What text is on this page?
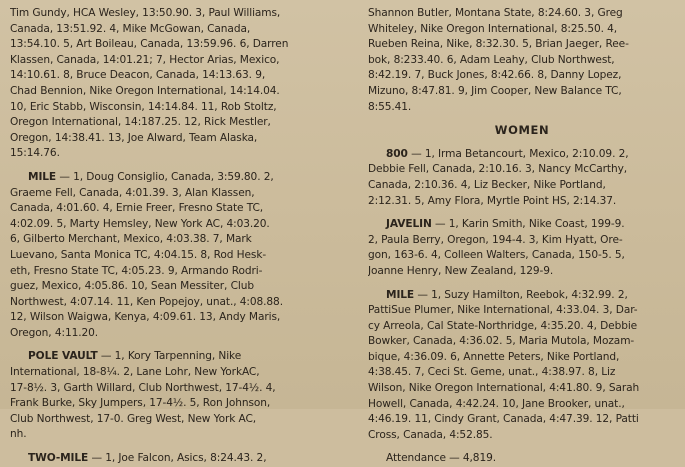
Tim Gundy, HCA Wesley, 13:50.90. 3, Paul Williams,
Canada, 13:51.92. 4, Mike McGowan, Canada,
13:54.10. 5, Art Boileau, Canada, 13:59.96. 6, Darren
Klassen, Canada, 14:01.21; 7, Hector Arias, Mexico,
14:10.61. 8, Bruce Deacon, Canada, 14:13.63. 9,
Chad Bennion, Nike Oregon International, 14:14.04.
10, Eric Stabb, Wisconsin, 14:14.84. 11, Rob Stoltz,
Oregon International, 14:187.25. 12, Rick Mestler,
Oregon, 14:38.41. 13, Joe Alward, Team Alaska,
15:14.76.
MILE — 1, Doug Consiglio, Canada, 3:59.80. 2,
Graeme Fell, Canada, 4:01.39. 3, Alan Klassen,
Canada, 4:01.60. 4, Ernie Freer, Fresno State TC,
4:02.09. 5, Marty Hemsley, New York AC, 4:03.20.
6, Gilberto Merchant, Mexico, 4:03.38. 7, Mark
Luevano, Santa Monica TC, 4:04.15. 8, Rod Hesk-
eth, Fresno State TC, 4:05.23. 9, Armando Rodri-
guez, Mexico, 4:05.86. 10, Sean Messiter, Club
Northwest, 4:07.14. 11, Ken Popejoy, unat., 4:08.88.
12, Wilson Waigwa, Kenya, 4:09.61. 13, Andy Maris,
Oregon, 4:11.20.
POLE VAULT — 1, Kory Tarpenning, Nike
International, 18-8¼. 2, Lane Lohr, New YorkAC,
17-8½. 3, Garth Willard, Club Northwest, 17-4½. 4,
Frank Burke, Sky Jumpers, 17-4½. 5, Ron Johnson,
Club Northwest, 17-0. Greg West, New York AC,
nh.
TWO-MILE — 1, Joe Falcon, Asics, 8:24.43. 2,
Shannon Butler, Montana State, 8:24.60. 3, Greg
Whiteley, Nike Oregon International, 8:25.50. 4,
Rueben Reina, Nike, 8:32.30. 5, Brian Jaeger, Ree-
bok, 8:233.40. 6, Adam Leahy, Club Northwest,
8:42.19. 7, Buck Jones, 8:42.66. 8, Danny Lopez,
Mizuno, 8:47.81. 9, Jim Cooper, New Balance TC,
8:55.41.
WOMEN
800 — 1, Irma Betancourt, Mexico, 2:10.09. 2,
Debbie Fell, Canada, 2:10.16. 3, Nancy McCarthy,
Canada, 2:10.36. 4, Liz Becker, Nike Portland,
2:12.31. 5, Amy Flora, Myrtle Point HS, 2:14.37.
JAVELIN — 1, Karin Smith, Nike Coast, 199-9.
2, Paula Berry, Oregon, 194-4. 3, Kim Hyatt, Ore-
gon, 163-6. 4, Colleen Walters, Canada, 150-5. 5,
Joanne Henry, New Zealand, 129-9.
MILE — 1, Suzy Hamilton, Reebok, 4:32.99. 2,
PattiSue Plumer, Nike International, 4:33.04. 3, Dar-
cy Arreola, Cal State-Northridge, 4:35.20. 4, Debbie
Bowker, Canada, 4:36.02. 5, Maria Mutola, Mozam-
bique, 4:36.09. 6, Annette Peters, Nike Portland,
4:38.45. 7, Ceci St. Geme, unat., 4:38.97. 8, Liz
Wilson, Nike Oregon International, 4:41.80. 9, Sarah
Howell, Canada, 4:42.24. 10, Jane Brooker, unat.,
4:46.19. 11, Cindy Grant, Canada, 4:47.39. 12, Patti
Cross, Canada, 4:52.85.
Attendance — 4,819.
